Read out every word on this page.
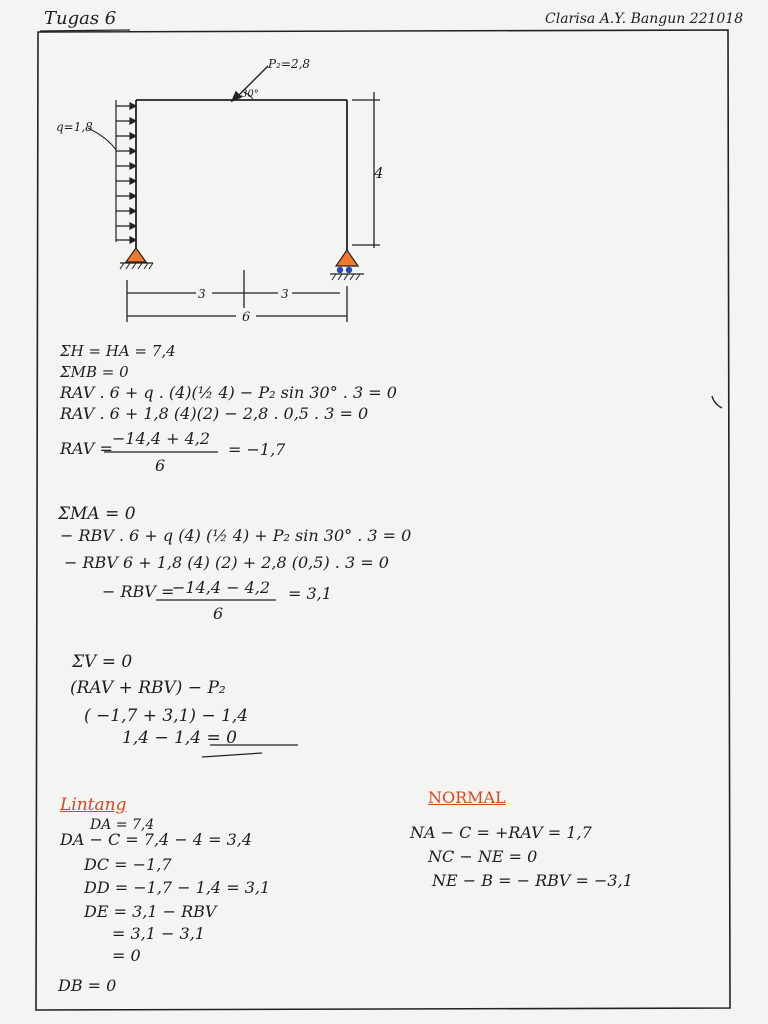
q=1,8
P₂=2,8
30°
4
3	3
6
Tugas 6	Clarisa A.Y. Bangun 221018
ΣH = HA = 7,4
ΣMB = 0
RAV . 6 + q . (4)(½ 4) − P₂ sin 30° . 3 = 0
RAV . 6 + 1,8 (4)(2) − 2,8 . 0,5 . 3 = 0
RAV =
−14,4 + 4,2
6
= −1,7
ΣMA = 0
− RBV . 6 + q (4) (½ 4) + P₂ sin 30° . 3 = 0
− RBV 6 + 1,8 (4) (2) + 2,8 (0,5) . 3 = 0
− RBV =
−14,4 − 4,2
6
= 3,1
ΣV = 0
(RAV + RBV) − P₂
( −1,7 + 3,1) − 1,4
1,4 − 1,4 = 0
Lintang
DA = 7,4
DA − C = 7,4 − 4 = 3,4
DC = −1,7
DD = −1,7 − 1,4 = 3,1
DE = 3,1 − RBV
= 3,1 − 3,1
= 0
DB = 0
NORMAL
NA − C = +RAV = 1,7
NC − NE = 0
NE − B = − RBV = −3,1
